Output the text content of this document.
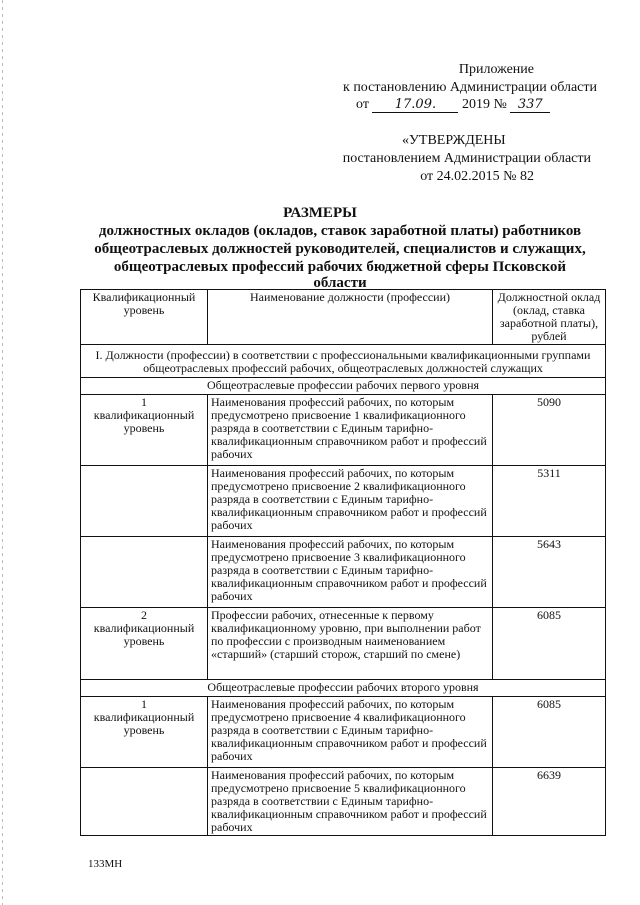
Приложение
к постановлению Администрации области
от 17.09. 2019 № 337
«УТВЕРЖДЕНЫ
постановлением Администрации области
от 24.02.2015 № 82
РАЗМЕРЫ
должностных окладов (окладов, ставок заработной платы) работников
общеотраслевых должностей руководителей, специалистов и служащих,
общеотраслевых профессий рабочих бюджетной сферы Псковской
области
Квалификационный уровень	Наименование должности (профессии)	Должностной оклад (оклад, ставка заработной платы), рублей
I. Должности (профессии) в соответствии с профессиональными квалификационными группами общеотраслевых профессий рабочих, общеотраслевых должностей служащих		
Общеотраслевые профессии рабочих первого уровня		

1
квалификационный уровень	Наименования профессий рабочих, по которым предусмотрено присвоение 1 квалификационного разряда в соответствии с Единым тарифно-квалификационным справочником работ и профессий рабочих	5090

	Наименования профессий рабочих, по которым предусмотрено присвоение 2 квалификационного разряда в соответствии с Единым тарифно-квалификационным справочником работ и профессий рабочих	5311

	Наименования профессий рабочих, по которым предусмотрено присвоение 3 квалификационного разряда в соответствии с Единым тарифно-квалификационным справочником работ и профессий рабочих	5643

2
квалификационный уровень	Профессии рабочих, отнесенные к первому квалификационному уровню, при выполнении работ по профессии с производным наименованием «старший» (старший сторож, старший по смене)	6085
Общеотраслевые профессии рабочих второго уровня		

1
квалификационный уровень	Наименования профессий рабочих, по которым предусмотрено присвоение 4 квалификационного разряда в соответствии с Единым тарифно-квалификационным справочником работ и профессий рабочих	6085

	Наименования профессий рабочих, по которым предусмотрено присвоение 5 квалификационного разряда в соответствии с Единым тарифно-квалификационным справочником работ и профессий рабочих	6639
133МН
